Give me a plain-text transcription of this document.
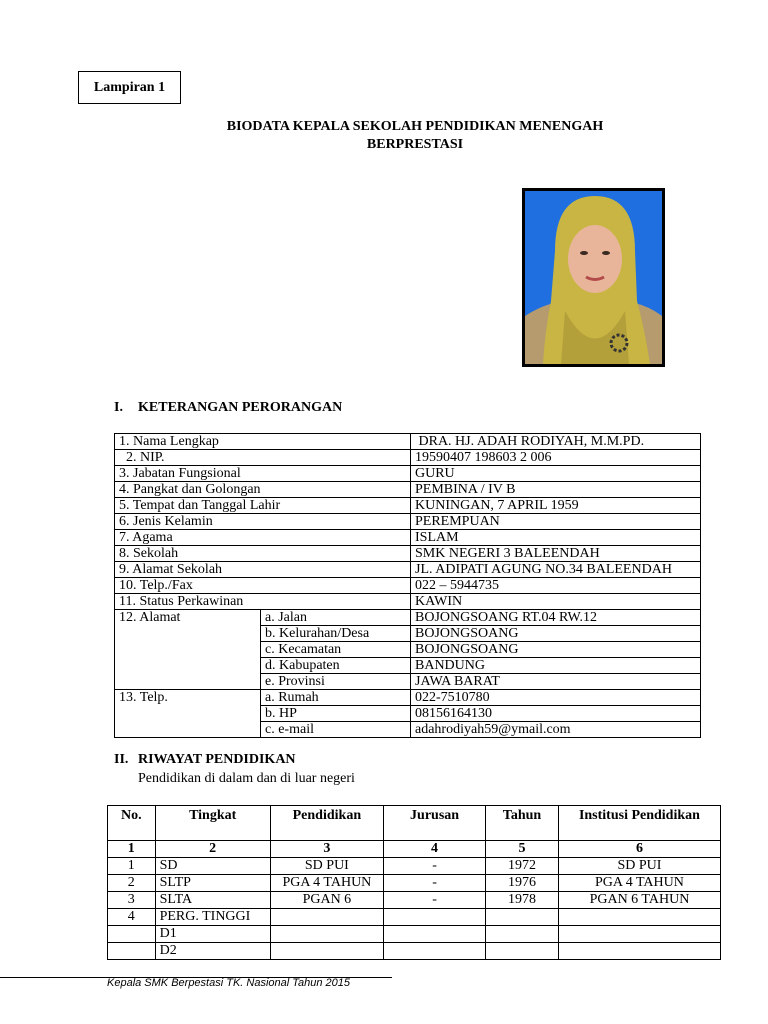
Lampiran 1
BIODATA KEPALA SEKOLAH PENDIDIKAN MENENGAH
BERPRESTASI
I. KETERANGAN PERORANGAN
1. Nama Lengkap		DRA. HJ. ADAH RODIYAH, M.M.PD.
2. NIP.		19590407 198603 2 006
3. Jabatan Fungsional		GURU
4. Pangkat dan Golongan		PEMBINA / IV B
5. Tempat dan Tanggal Lahir		KUNINGAN, 7 APRIL 1959
6. Jenis Kelamin		PEREMPUAN
7. Agama		ISLAM
8. Sekolah		SMK NEGERI 3 BALEENDAH
9. Alamat Sekolah		JL. ADIPATI AGUNG NO.34 BALEENDAH
10. Telp./Fax		022 – 5944735
11. Status Perkawinan		KAWIN
12. Alamat	a. Jalan	BOJONGSOANG RT.04 RW.12
	b. Kelurahan/Desa	BOJONGSOANG
	c. Kecamatan	BOJONGSOANG
	d. Kabupaten	BANDUNG
	e. Provinsi	JAWA BARAT
13. Telp.	a. Rumah	022-7510780
	b. HP	08156164130
	c. e-mail	adahrodiyah59@ymail.com
II. RIWAYAT PENDIDIKAN
Pendidikan di dalam dan di luar negeri
No.	Tingkat	Pendidikan	Jurusan	Tahun	Institusi Pendidikan
1	2	3	4	5	6
1	SD	SD PUI	-	1972	SD PUI
2	SLTP	PGA 4 TAHUN	-	1976	PGA 4 TAHUN
3	SLTA	PGAN 6	-	1978	PGAN 6 TAHUN
4	PERG. TINGGI				
	D1				
	D2				
Kepala SMK Berpestasi TK. Nasional Tahun 2015
